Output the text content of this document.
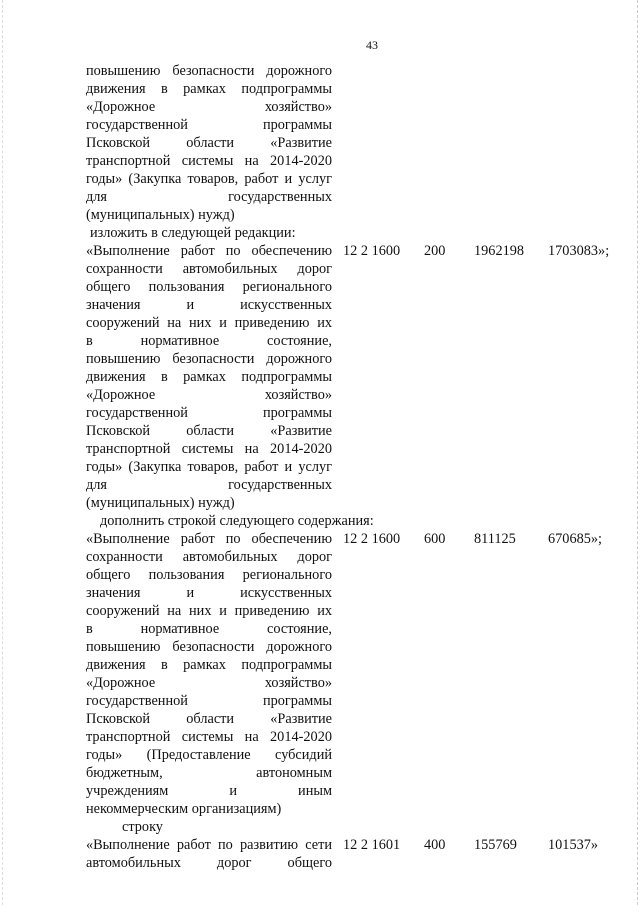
43
повышению безопасности дорожного
движения в рамках подпрограммы
«Дорожное хозяйство»
государственной программы
Псковской области «Развитие
транспортной системы на 2014-2020
годы» (Закупка товаров, работ и услуг
для государственных
(муниципальных) нужд)
изложить в следующей редакции:
«Выполнение работ по обеспечению 12 2 1600 200 1962198 1703083»;
сохранности автомобильных дорог
общего пользования регионального
значения и искусственных
сооружений на них и приведению их
в нормативное состояние,
повышению безопасности дорожного
движения в рамках подпрограммы
«Дорожное хозяйство»
государственной программы
Псковской области «Развитие
транспортной системы на 2014-2020
годы» (Закупка товаров, работ и услуг
для государственных
(муниципальных) нужд)
дополнить строкой следующего содержания:
«Выполнение работ по обеспечению 12 2 1600 600 811125 670685»;
сохранности автомобильных дорог
общего пользования регионального
значения и искусственных
сооружений на них и приведению их
в нормативное состояние,
повышению безопасности дорожного
движения в рамках подпрограммы
«Дорожное хозяйство»
государственной программы
Псковской области «Развитие
транспортной системы на 2014-2020
годы» (Предоставление субсидий
бюджетным, автономным
учреждениям и иным
некоммерческим организациям)
строку
«Выполнение работ по развитию сети 12 2 1601 400 155769 101537»
автомобильных дорог общего
